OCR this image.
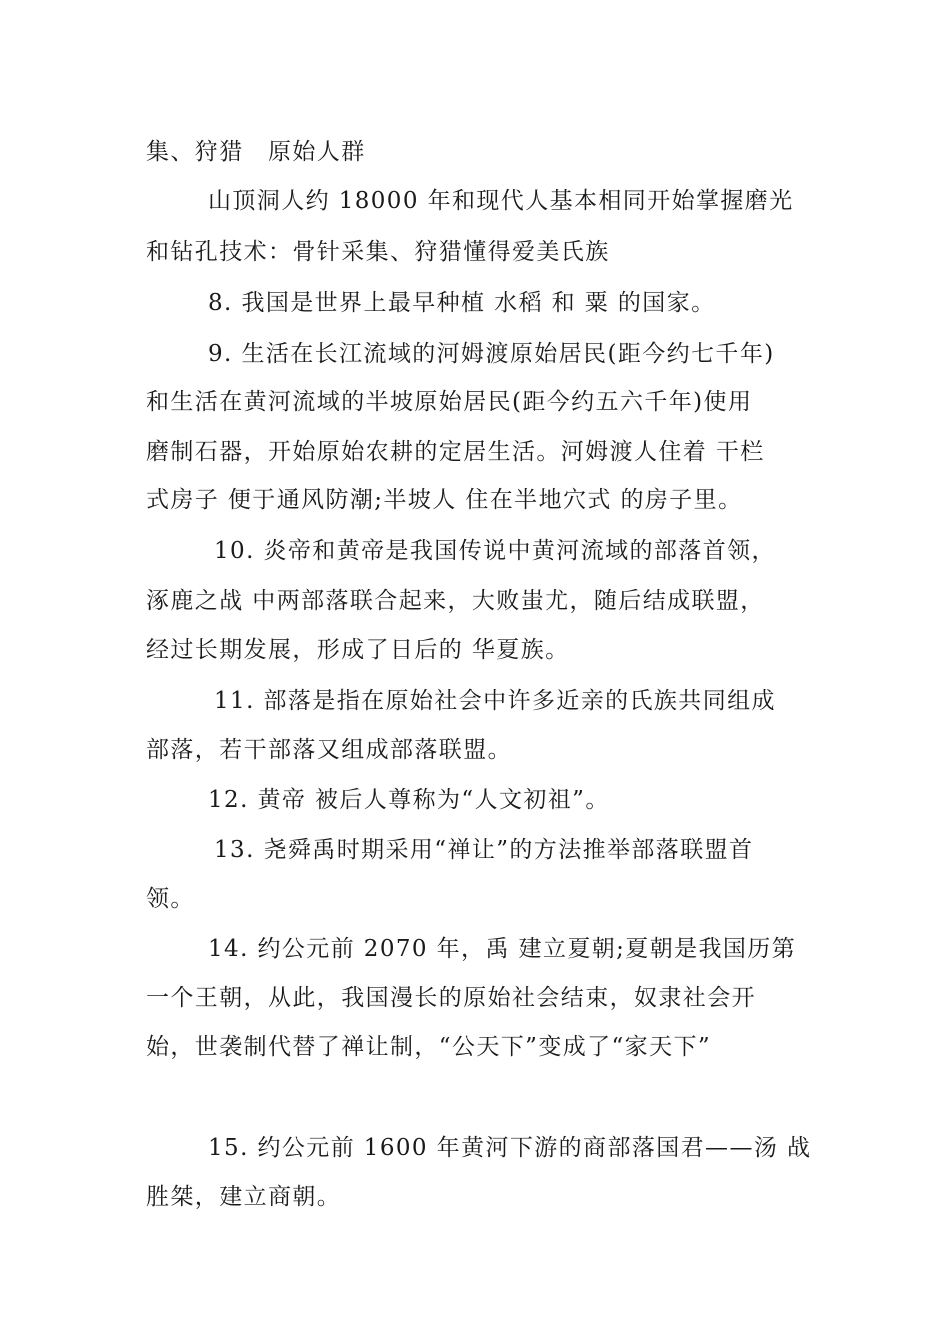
集、狩猎　原始人群
山顶洞人约 18000 年和现代人基本相同开始掌握磨光
和钻孔技术：骨针采集、狩猎懂得爱美氏族
8. 我国是世界上最早种植 水稻 和 粟 的国家。
9. 生活在长江流域的河姆渡原始居民(距今约七千年)
和生活在黄河流域的半坡原始居民(距今约五六千年)使用
磨制石器，开始原始农耕的定居生活。河姆渡人住着 干栏
式房子 便于通风防潮;半坡人 住在半地穴式 的房子里。
10. 炎帝和黄帝是我国传说中黄河流域的部落首领，
涿鹿之战 中两部落联合起来，大败蚩尤，随后结成联盟，
经过长期发展，形成了日后的 华夏族。
11. 部落是指在原始社会中许多近亲的氏族共同组成
部落，若干部落又组成部落联盟。
12. 黄帝 被后人尊称为“人文初祖”。
13. 尧舜禹时期采用“禅让”的方法推举部落联盟首
领。
14. 约公元前 2070 年，禹 建立夏朝;夏朝是我国历第
一个王朝，从此，我国漫长的原始社会结束，奴隶社会开
始，世袭制代替了禅让制，“公天下”变成了“家天下”
15. 约公元前 1600 年黄河下游的商部落国君——汤 战
胜桀，建立商朝。
